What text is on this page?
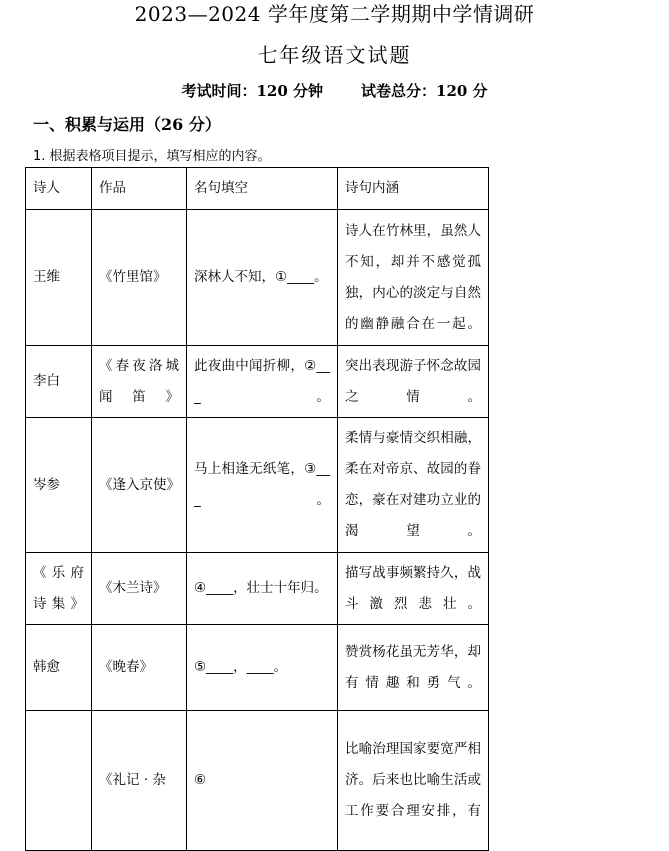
2023—2024 学年度第二学期期中学情调研
七年级语文试题
考试时间：120 分钟	试卷总分：120 分
一、积累与运用（26 分）
1. 根据表格项目提示，填写相应的内容。
诗人	作品	名句填空	诗句内涵
王维	《竹里馆》	深林人不知，①____。	诗人在竹林里，虽然人不知，却并不感觉孤独，内心的淡定与自然的幽静融合在一起。
李白	《春夜洛城闻笛》	此夜曲中闻折柳，②___。	突出表现游子怀念故园之情。
岑参	《逢入京使》	马上相逢无纸笔，③___。	柔情与豪情交织相融，柔在对帝京、故园的眷恋，豪在对建功立业的渴望。
《乐府诗集》	《木兰诗》	④____，壮士十年归。	描写战事频繁持久，战斗激烈悲壮。
韩愈	《晚春》	⑤____，____。	赞赏杨花虽无芳华，却有情趣和勇气。
	《礼记 · 杂	⑥	比喻治理国家要宽严相济。后来也比喻生活或工作要合理安排，有
